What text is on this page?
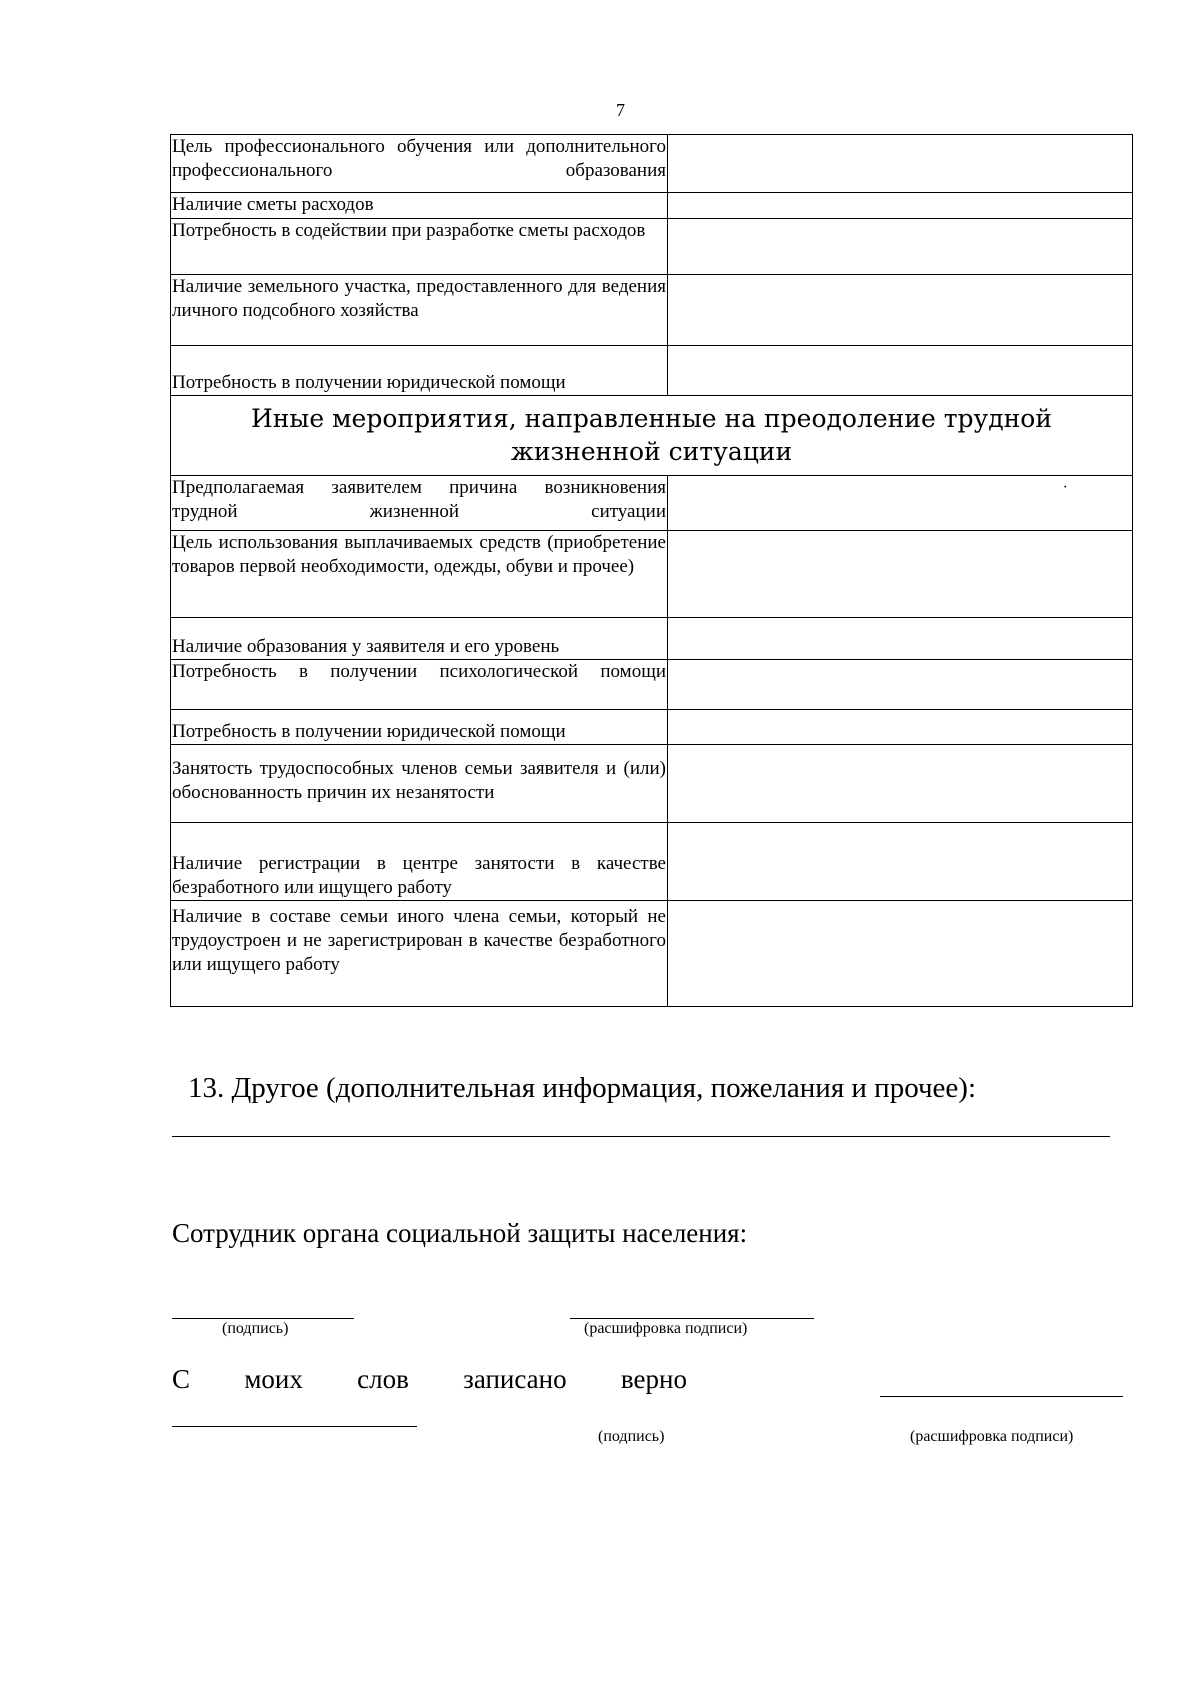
7
Цель профессионального обучения или дополнительного профессионального образования	
Наличие сметы расходов	
Потребность в содействии при разработке сметы расходов	
Наличие земельного участка, предоставленного для ведения личного подсобного хозяйства	
Потребность в получении юридической помощи	
Иные мероприятия, направленные на преодоление трудной жизненной ситуации	
Предполагаемая заявителем причина возникновения трудной жизненной ситуации	·
Цель использования выплачиваемых средств (приобретение товаров первой необходимости, одежды, обуви и прочее)	
Наличие образования у заявителя и его уровень	
Потребность в получении психологической помощи	
Потребность в получении юридической помощи	
Занятость трудоспособных членов семьи заявителя и (или) обоснованность причин их незанятости	
Наличие регистрации в центре занятости в качестве безработного или ищущего работу	
Наличие в составе семьи иного члена семьи, который не трудоустроен и не зарегистрирован в качестве безработного или ищущего работу	
13. Другое (дополнительная информация, пожелания и прочее):
Сотрудник органа социальной защиты населения:
(подпись)	(расшифровка подписи)
С моих слов записано верно
(подпись)	(расшифровка подписи)
